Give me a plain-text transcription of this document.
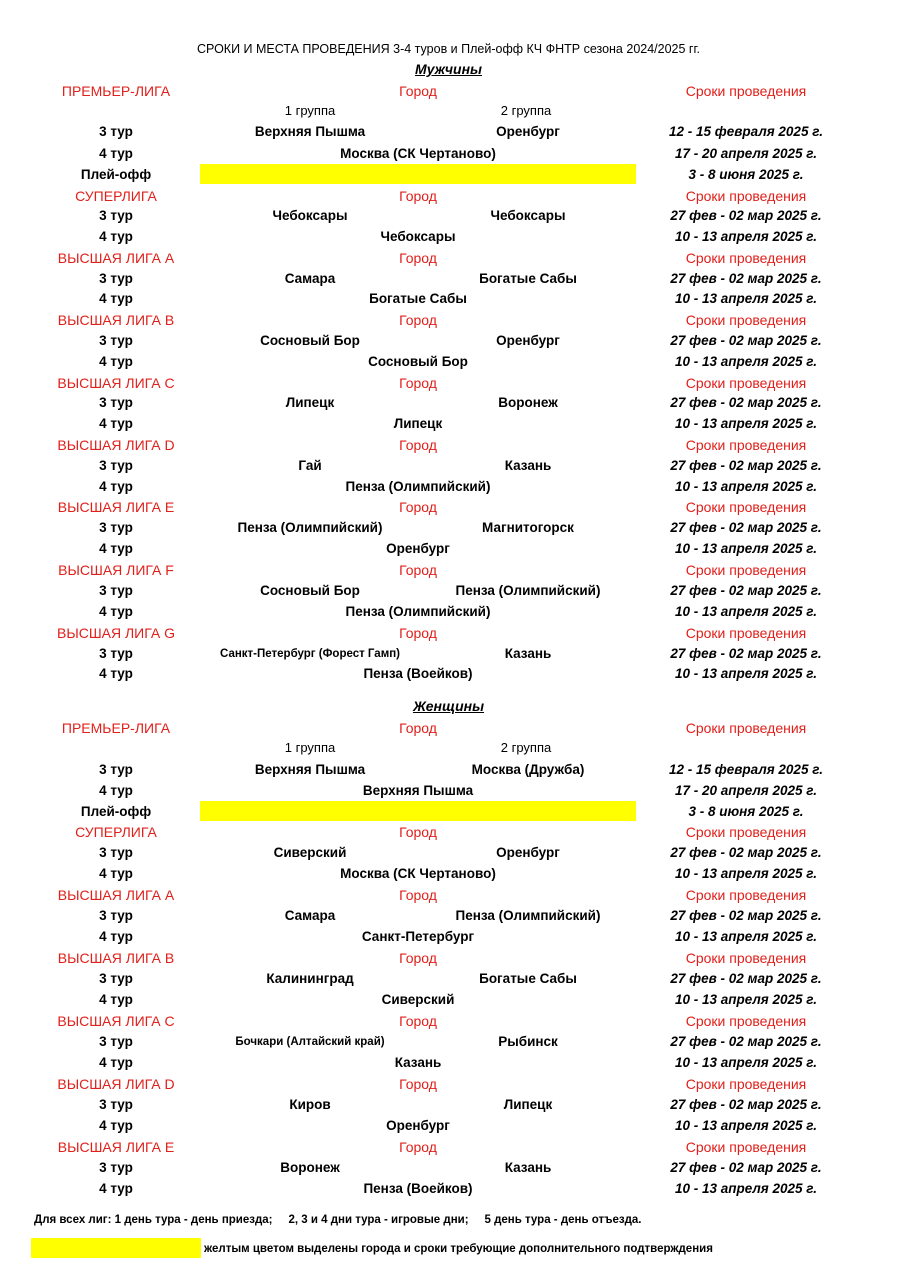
СРОКИ И МЕСТА ПРОВЕДЕНИЯ 3-4 туров и Плей-офф КЧ ФНТР сезона 2024/2025 гг.
Мужчины
ПРЕМЬЕР-ЛИГА	Город	Сроки проведения
1 группа	2 группа
3 тур	Верхняя Пышма	Оренбург	12 - 15 февраля 2025 г.
4 тур	Москва (СК Чертаново)	17 - 20 апреля 2025 г.
Плей-офф	3 - 8 июня 2025 г.
СУПЕРЛИГА	Город	Сроки проведения
3 тур	Чебоксары	Чебоксары	27 фев - 02 мар 2025 г.
4 тур	Чебоксары	10 - 13 апреля 2025 г.
ВЫСШАЯ ЛИГА А	Город	Сроки проведения
3 тур	Самара	Богатые Сабы	27 фев - 02 мар 2025 г.
4 тур	Богатые Сабы	10 - 13 апреля 2025 г.
ВЫСШАЯ ЛИГА В	Город	Сроки проведения
3 тур	Сосновый Бор	Оренбург	27 фев - 02 мар 2025 г.
4 тур	Сосновый Бор	10 - 13 апреля 2025 г.
ВЫСШАЯ ЛИГА С	Город	Сроки проведения
3 тур	Липецк	Воронеж	27 фев - 02 мар 2025 г.
4 тур	Липецк	10 - 13 апреля 2025 г.
ВЫСШАЯ ЛИГА D	Город	Сроки проведения
3 тур	Гай	Казань	27 фев - 02 мар 2025 г.
4 тур	Пенза (Олимпийский)	10 - 13 апреля 2025 г.
ВЫСШАЯ ЛИГА Е	Город	Сроки проведения
3 тур	Пенза (Олимпийский)	Магнитогорск	27 фев - 02 мар 2025 г.
4 тур	Оренбург	10 - 13 апреля 2025 г.
ВЫСШАЯ ЛИГА F	Город	Сроки проведения
3 тур	Сосновый Бор	Пенза (Олимпийский)	27 фев - 02 мар 2025 г.
4 тур	Пенза (Олимпийский)	10 - 13 апреля 2025 г.
ВЫСШАЯ ЛИГА G	Город	Сроки проведения
3 тур	Санкт-Петербург (Форест Гамп)	Казань	27 фев - 02 мар 2025 г.
4 тур	Пенза (Воейков)	10 - 13 апреля 2025 г.
Женщины
ПРЕМЬЕР-ЛИГА	Город	Сроки проведения
1 группа	2 группа
3 тур	Верхняя Пышма	Москва (Дружба)	12 - 15 февраля 2025 г.
4 тур	Верхняя Пышма	17 - 20 апреля 2025 г.
Плей-офф	3 - 8 июня 2025 г.
СУПЕРЛИГА	Город	Сроки проведения
3 тур	Сиверский	Оренбург	27 фев - 02 мар 2025 г.
4 тур	Москва (СК Чертаново)	10 - 13 апреля 2025 г.
ВЫСШАЯ ЛИГА А	Город	Сроки проведения
3 тур	Самара	Пенза (Олимпийский)	27 фев - 02 мар 2025 г.
4 тур	Санкт-Петербург	10 - 13 апреля 2025 г.
ВЫСШАЯ ЛИГА В	Город	Сроки проведения
3 тур	Калининград	Богатые Сабы	27 фев - 02 мар 2025 г.
4 тур	Сиверский	10 - 13 апреля 2025 г.
ВЫСШАЯ ЛИГА С	Город	Сроки проведения
3 тур	Бочкари (Алтайский край)	Рыбинск	27 фев - 02 мар 2025 г.
4 тур	Казань	10 - 13 апреля 2025 г.
ВЫСШАЯ ЛИГА D	Город	Сроки проведения
3 тур	Киров	Липецк	27 фев - 02 мар 2025 г.
4 тур	Оренбург	10 - 13 апреля 2025 г.
ВЫСШАЯ ЛИГА Е	Город	Сроки проведения
3 тур	Воронеж	Казань	27 фев - 02 мар 2025 г.
4 тур	Пенза (Воейков)	10 - 13 апреля 2025 г.
Для всех лиг: 1 день тура - день приезда;     2, 3 и 4 дни тура - игровые дни;     5 день тура - день отъезда.
желтым цветом выделены города и сроки требующие дополнительного подтверждения
